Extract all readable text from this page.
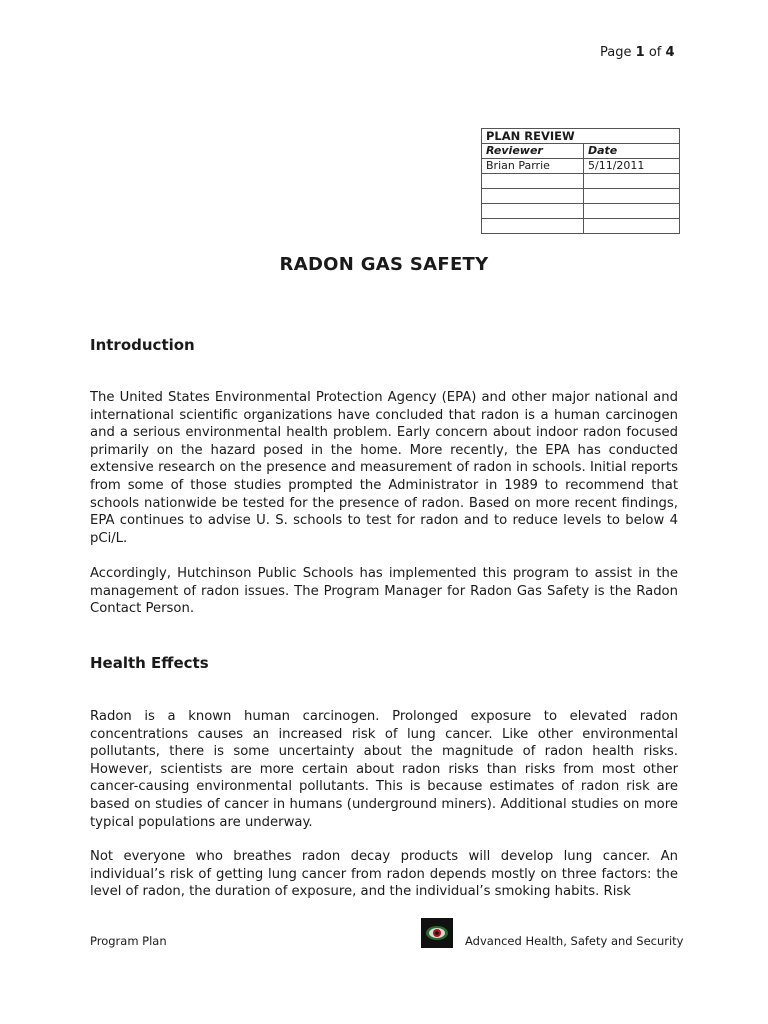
Page 1 of 4
PLAN REVIEW	
Reviewer	Date
Brian Parrie	5/11/2011

RADON GAS SAFETY
Introduction

The United States Environmental Protection Agency (EPA) and other major national and international scientific organizations have concluded that radon is a human carcinogen and a serious environmental health problem. Early concern about indoor radon focused primarily on the hazard posed in the home. More recently, the EPA has conducted extensive research on the presence and measurement of radon in schools. Initial reports from some of those studies prompted the Administrator in 1989 to recommend that schools nationwide be tested for the presence of radon. Based on more recent findings, EPA continues to advise U. S. schools to test for radon and to reduce levels to below 4 pCi/L.

Accordingly, Hutchinson Public Schools has implemented this program to assist in the management of radon issues. The Program Manager for Radon Gas Safety is the Radon Contact Person.

Health Effects

Radon is a known human carcinogen. Prolonged exposure to elevated radon concentrations causes an increased risk of lung cancer. Like other environmental pollutants, there is some uncertainty about the magnitude of radon health risks. However, scientists are more certain about radon risks than risks from most other cancer-causing environmental pollutants. This is because estimates of radon risk are based on studies of cancer in humans (underground miners). Additional studies on more typical populations are underway.

Not everyone who breathes radon decay products will develop lung cancer. An individual’s risk of getting lung cancer from radon depends mostly on three factors: the level of radon, the duration of exposure, and the individual’s smoking habits. Risk

Program Plan	Advanced Health, Safety and Security
